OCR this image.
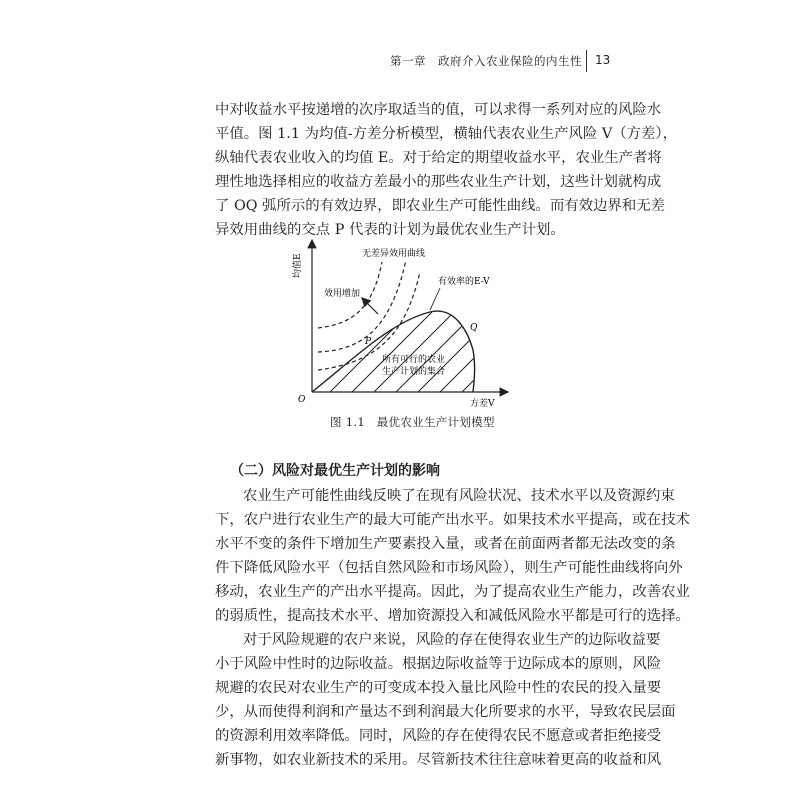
第一章　政府介入农业保险的内生性 13
中对收益水平按递增的次序取适当的值，可以求得一系列对应的风险水
平值。图 1.1 为均值-方差分析模型，横轴代表农业生产风险 V（方差），
纵轴代表农业收入的均值 E。对于给定的期望收益水平，农业生产者将
理性地选择相应的收益方差最小的那些农业生产计划，这些计划就构成
了 OQ 弧所示的有效边界，即农业生产可能性曲线。而有效边界和无差
异效用曲线的交点 P 代表的计划为最优农业生产计划。
均值E
方差V
O
P
Q
无差异效用曲线
效用增加
有效率的E-V
所有可行的农业
生产计划的集合
图 1.1　最优农业生产计划模型
（二）风险对最优生产计划的影响
农业生产可能性曲线反映了在现有风险状况、技术水平以及资源约束
下，农户进行农业生产的最大可能产出水平。如果技术水平提高，或在技术
水平不变的条件下增加生产要素投入量，或者在前面两者都无法改变的条
件下降低风险水平（包括自然风险和市场风险），则生产可能性曲线将向外
移动，农业生产的产出水平提高。因此，为了提高农业生产能力，改善农业
的弱质性，提高技术水平、增加资源投入和减低风险水平都是可行的选择。
对于风险规避的农户来说，风险的存在使得农业生产的边际收益要
小于风险中性时的边际收益。根据边际收益等于边际成本的原则，风险
规避的农民对农业生产的可变成本投入量比风险中性的农民的投入量要
少，从而使得利润和产量达不到利润最大化所要求的水平，导致农民层面
的资源利用效率降低。同时，风险的存在使得农民不愿意或者拒绝接受
新事物，如农业新技术的采用。尽管新技术往往意味着更高的收益和风
